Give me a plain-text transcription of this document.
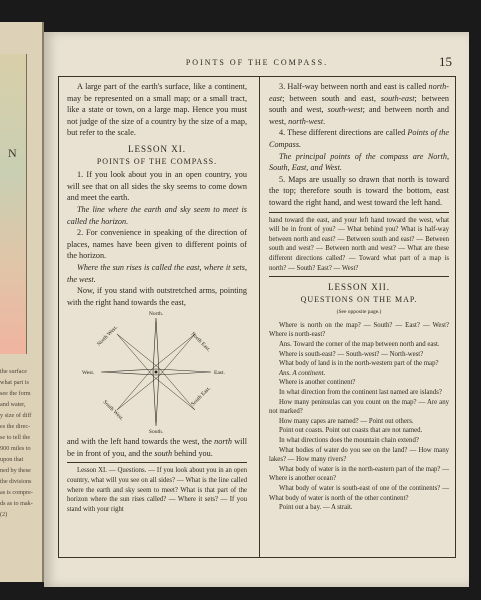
N
the surface
what part is
see the form
and water,
y size of diff
es the direc-
se to tell the
900 miles to
upon that
ned by these
the divisions
as is compre-
ds as to mak-
(2)
POINTS OF THE COMPASS.	15

A large part of the earth's surface, like a continent, may be represented on a small map; or a small tract, like a state or town, on a large map. Hence you must not judge of the size of a country by the size of a map, but refer to the scale.

LESSON XI.
POINTS OF THE COMPASS.

1. If you look about you in an open country, you will see that on all sides the sky seems to come down and meet the earth.

The line where the earth and sky seem to meet is called the horizon.

2. For convenience in speaking of the direction of places, names have been given to different points of the horizon.

Where the sun rises is called the east, where it sets, the west.

Now, if you stand with outstretched arms, pointing with the right hand towards the east,

North.
South.
East.
West.
North East.
North West.
South East.
South West.

and with the left hand towards the west, the north will be in front of you, and the south behind you.

Lesson XI. — Questions. — If you look about you in an open country, what will you see on all sides? — What is the line called where the earth and sky seem to meet? What is that part of the horizon where the sun rises called? — Where it sets? — If you stand with your right

3. Half-way between north and east is called north-east; between south and east, south-east; between south and west, south-west; and between north and west, north-west.

4. These different directions are called Points of the Compass.

The principal points of the compass are North, South, East, and West.

5. Maps are usually so drawn that north is toward the top; therefore south is toward the bottom, east toward the right hand, and west toward the left hand.

hand toward the east, and your left hand toward the west, what will be in front of you? — What behind you? What is half-way between north and east? — Between south and east? — Between south and west? — Between north and west? — What are these different directions called? — Toward what part of a map is north? — South? East? — West?

LESSON XII.
QUESTIONS ON THE MAP.
(See opposite page.)

Where is north on the map? — South? — East? — West? Where is north-east?

Ans. Toward the corner of the map between north and east.

Where is south-east? — South-west? — North-west?

What body of land is in the north-western part of the map?

Ans. A continent.

Where is another continent?

In what direction from the continent last named are islands?

How many peninsulas can you count on the map? — Are any not marked?

How many capes are named? — Point out others.

Point out coasts. Point out coasts that are not named.

In what directions does the mountain chain extend?

What bodies of water do you see on the land? — How many lakes? — How many rivers?

What body of water is in the north-eastern part of the map? — Where is another ocean?

What body of water is south-east of one of the continents? — What body of water is north of the other continent?

Point out a bay. — A strait.
